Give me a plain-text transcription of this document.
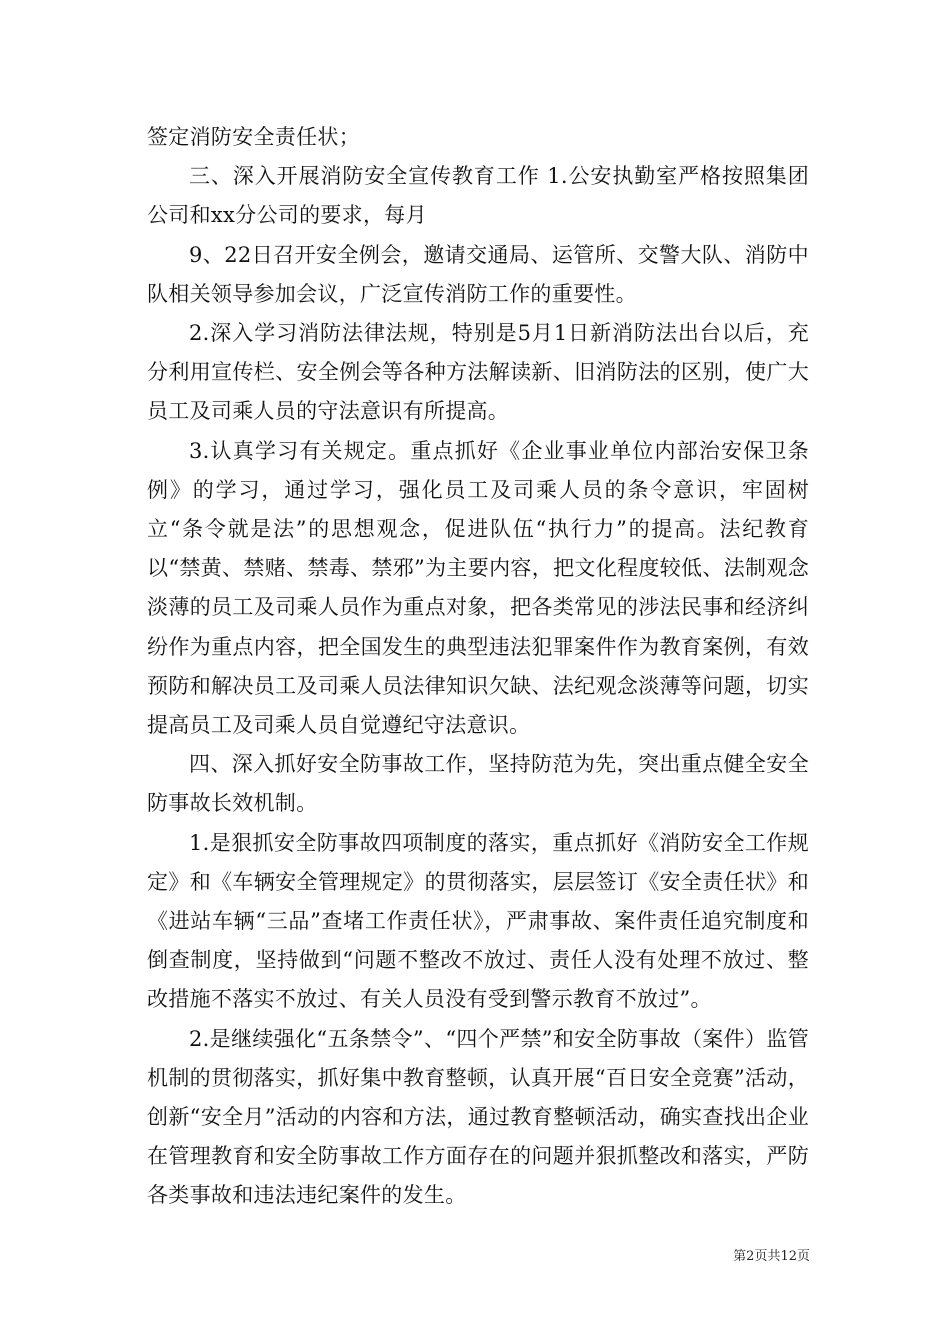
签定消防安全责任状；

三、深入开展消防安全宣传教育工作 1.公安执勤室严格按照集团公司和xx分公司的要求，每月

9、22日召开安全例会，邀请交通局、运管所、交警大队、消防中队相关领导参加会议，广泛宣传消防工作的重要性。

2.深入学习消防法律法规，特别是5月1日新消防法出台以后，充分利用宣传栏、安全例会等各种方法解读新、旧消防法的区别，使广大员工及司乘人员的守法意识有所提高。

3.认真学习有关规定。重点抓好《企业事业单位内部治安保卫条例》的学习，通过学习，强化员工及司乘人员的条令意识，牢固树立“条令就是法”的思想观念，促进队伍“执行力”的提高。法纪教育以“禁黄、禁赌、禁毒、禁邪”为主要内容，把文化程度较低、法制观念淡薄的员工及司乘人员作为重点对象，把各类常见的涉法民事和经济纠纷作为重点内容，把全国发生的典型违法犯罪案件作为教育案例，有效预防和解决员工及司乘人员法律知识欠缺、法纪观念淡薄等问题，切实提高员工及司乘人员自觉遵纪守法意识。

四、深入抓好安全防事故工作，坚持防范为先，突出重点健全安全防事故长效机制。

1.是狠抓安全防事故四项制度的落实，重点抓好《消防安全工作规定》和《车辆安全管理规定》的贯彻落实，层层签订《安全责任状》和《进站车辆“三品”查堵工作责任状》，严肃事故、案件责任追究制度和倒查制度，坚持做到“问题不整改不放过、责任人没有处理不放过、整改措施不落实不放过、有关人员没有受到警示教育不放过”。

2.是继续强化“五条禁令”、“四个严禁”和安全防事故（案件）监管机制的贯彻落实，抓好集中教育整顿，认真开展“百日安全竞赛”活动，创新“安全月”活动的内容和方法，通过教育整顿活动，确实查找出企业在管理教育和安全防事故工作方面存在的问题并狠抓整改和落实，严防各类事故和违法违纪案件的发生。

第2页共12页
